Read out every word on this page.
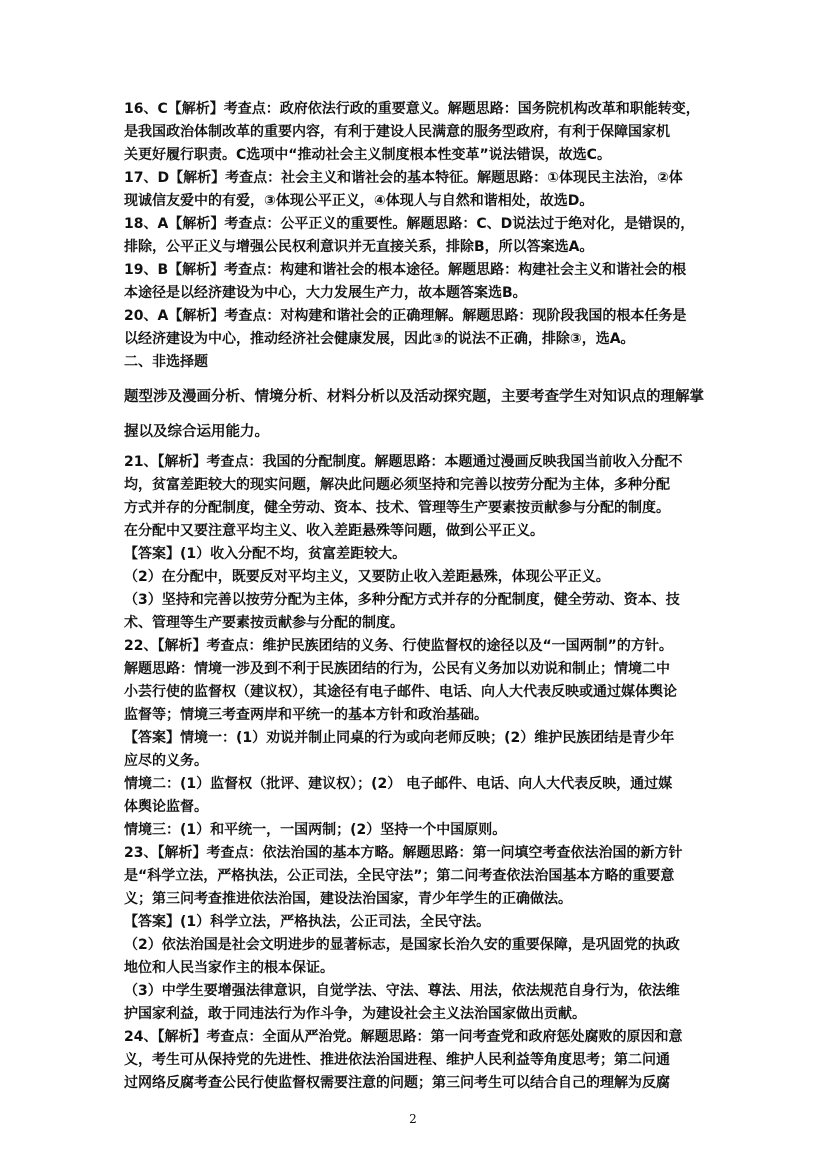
16、C【解析】考查点：政府依法行政的重要意义。解题思路：国务院机构改革和职能转变，
是我国政治体制改革的重要内容，有利于建设人民满意的服务型政府，有利于保障国家机
关更好履行职责。C选项中“推动社会主义制度根本性变革”说法错误，故选C。
17、D【解析】考查点：社会主义和谐社会的基本特征。解题思路：①体现民主法治，②体
现诚信友爱中的有爱，③体现公平正义，④体现人与自然和谐相处，故选D。
18、A【解析】考查点：公平正义的重要性。解题思路：C、D说法过于绝对化，是错误的，
排除，公平正义与增强公民权利意识并无直接关系，排除B，所以答案选A。
19、B【解析】考查点：构建和谐社会的根本途径。解题思路：构建社会主义和谐社会的根
本途径是以经济建设为中心，大力发展生产力，故本题答案选B。
20、A【解析】考查点：对构建和谐社会的正确理解。解题思路：现阶段我国的根本任务是
以经济建设为中心，推动经济社会健康发展，因此③的说法不正确，排除③，选A。
二、非选择题
题型涉及漫画分析、情境分析、材料分析以及活动探究题，主要考查学生对知识点的理解掌
握以及综合运用能力。
21、【解析】考查点：我国的分配制度。解题思路：本题通过漫画反映我国当前收入分配不
均，贫富差距较大的现实问题，解决此问题必须坚持和完善以按劳分配为主体，多种分配
方式并存的分配制度，健全劳动、资本、技术、管理等生产要素按贡献参与分配的制度。
在分配中又要注意平均主义、收入差距悬殊等问题，做到公平正义。
【答案】(1）收入分配不均，贫富差距较大。
（2）在分配中，既要反对平均主义，又要防止收入差距悬殊，体现公平正义。
（3）坚持和完善以按劳分配为主体，多种分配方式并存的分配制度，健全劳动、资本、技
术、管理等生产要素按贡献参与分配的制度。
22、【解析】考查点：维护民族团结的义务、行使监督权的途径以及“一国两制”的方针。
解题思路：情境一涉及到不利于民族团结的行为，公民有义务加以劝说和制止；情境二中
小芸行使的监督权（建议权），其途径有电子邮件、电话、向人大代表反映或通过媒体舆论
监督等；情境三考查两岸和平统一的基本方针和政治基础。
【答案】情境一：(1）劝说并制止同桌的行为或向老师反映；(2）维护民族团结是青少年
应尽的义务。
情境二：(1）监督权（批评、建议权）；(2） 电子邮件、电话、向人大代表反映，通过媒
体舆论监督。
情境三：(1）和平统一，一国两制；(2）坚持一个中国原则。
23、【解析】考查点：依法治国的基本方略。解题思路：第一问填空考查依法治国的新方针
是“科学立法，严格执法，公正司法，全民守法”；第二问考查依法治国基本方略的重要意
义；第三问考查推进依法治国，建设法治国家，青少年学生的正确做法。
【答案】(1）科学立法，严格执法，公正司法，全民守法。
（2）依法治国是社会文明进步的显著标志，是国家长治久安的重要保障，是巩固党的执政
地位和人民当家作主的根本保证。
（3）中学生要增强法律意识，自觉学法、守法、尊法、用法，依法规范自身行为，依法维
护国家利益，敢于同违法行为作斗争，为建设社会主义法治国家做出贡献。
24、【解析】考查点：全面从严治党。解题思路：第一问考查党和政府惩处腐败的原因和意
义，考生可从保持党的先进性、推进依法治国进程、维护人民利益等角度思考；第二问通
过网络反腐考查公民行使监督权需要注意的问题；第三问考生可以结合自己的理解为反腐
2
